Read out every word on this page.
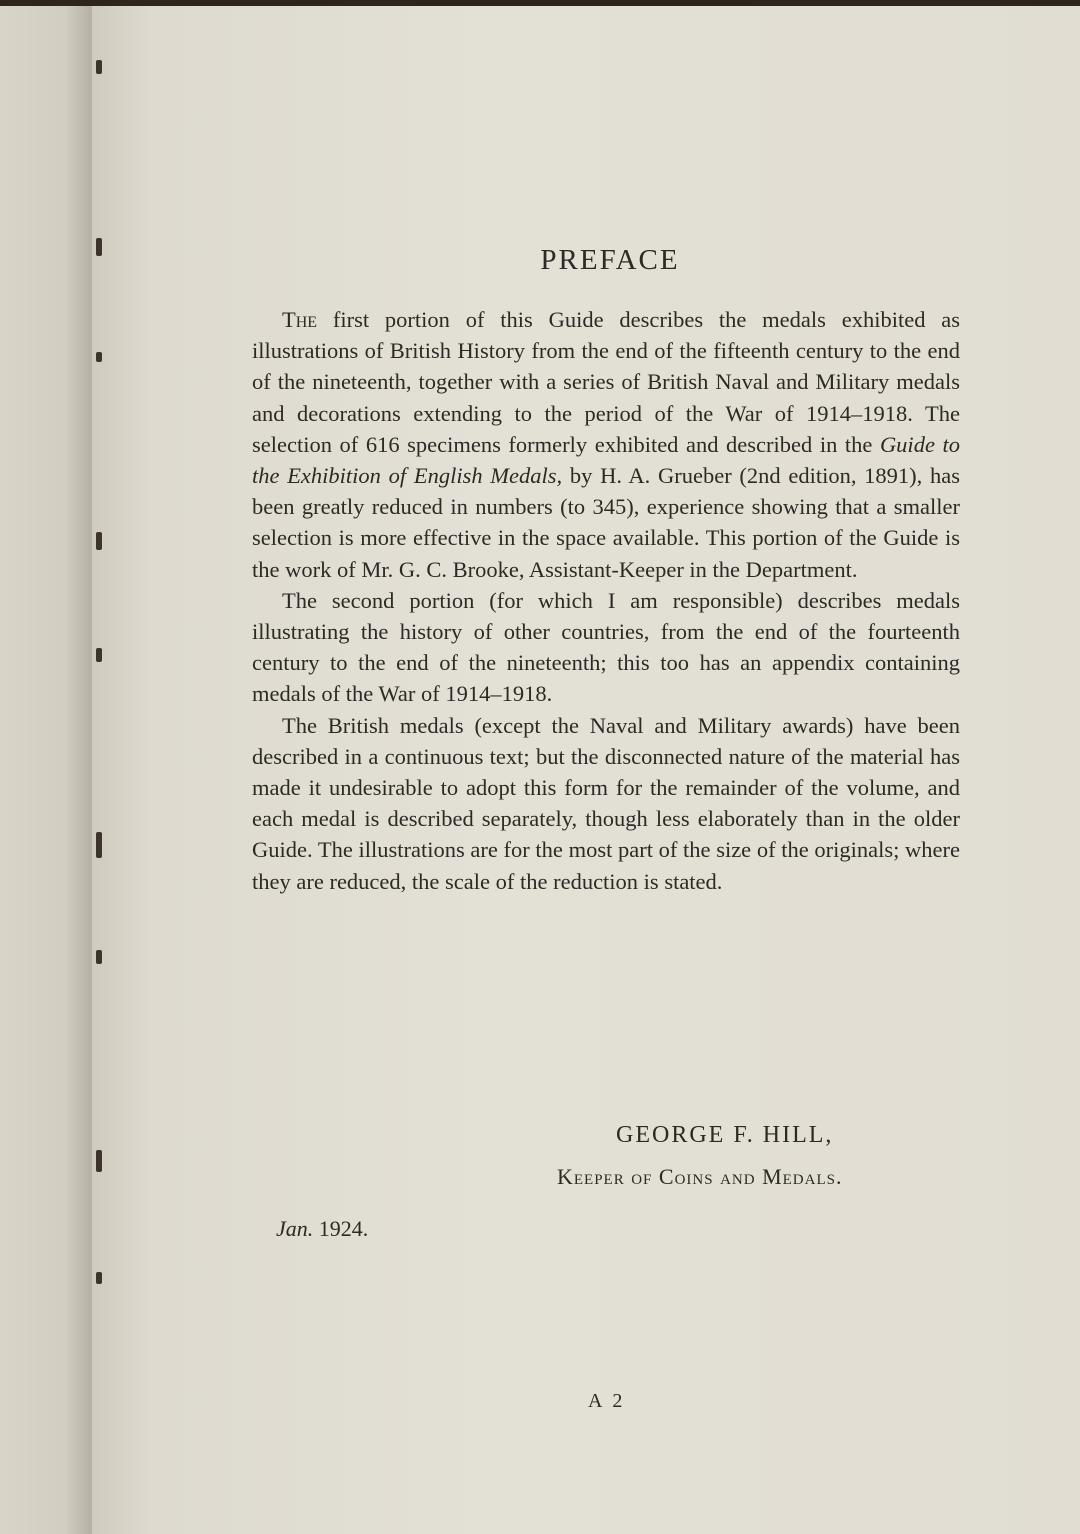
PREFACE

The first portion of this Guide describes the medals exhibited as illustrations of British History from the end of the fifteenth century to the end of the nineteenth, together with a series of British Naval and Military medals and decorations extending to the period of the War of 1914–1918. The selection of 616 specimens formerly exhibited and described in the Guide to the Exhibition of English Medals, by H. A. Grueber (2nd edition, 1891), has been greatly reduced in numbers (to 345), experience showing that a smaller selection is more effective in the space available. This portion of the Guide is the work of Mr. G. C. Brooke, Assistant-Keeper in the Department.

The second portion (for which I am responsible) describes medals illustrating the history of other countries, from the end of the fourteenth century to the end of the nineteenth; this too has an appendix containing medals of the War of 1914–1918.

The British medals (except the Naval and Military awards) have been described in a continuous text; but the disconnected nature of the material has made it undesirable to adopt this form for the remainder of the volume, and each medal is described separately, though less elaborately than in the older Guide. The illustrations are for the most part of the size of the originals; where they are reduced, the scale of the reduction is stated.

GEORGE F. HILL,
Keeper of Coins and Medals.
Jan. 1924.
A 2
